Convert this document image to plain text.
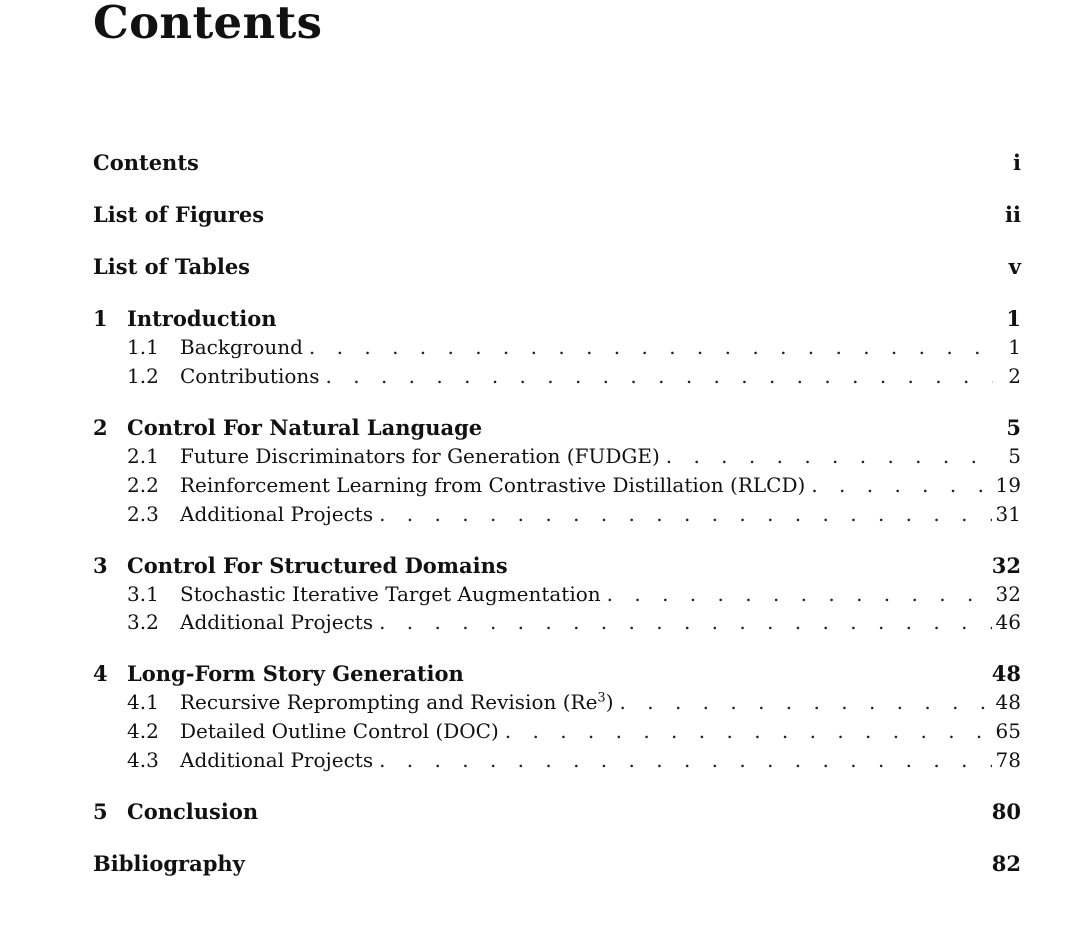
Contents
Contents	i
List of Figures	ii
List of Tables	v
1 Introduction	1
1.1	Background . . .	1
1.2	Contributions . . .	2
2 Control For Natural Language	5
2.1	Future Discriminators for Generation (FUDGE) . . .	5
2.2	Reinforcement Learning from Contrastive Distillation (RLCD) . . .	19
2.3	Additional Projects . . .	31
3 Control For Structured Domains	32
3.1	Stochastic Iterative Target Augmentation . . .	32
3.2	Additional Projects . . .	46
4 Long-Form Story Generation	48
4.1	Recursive Reprompting and Revision (Re$^3$) . . .	48
4.2	Detailed Outline Control (DOC) . . .	65
4.3	Additional Projects . . .	78
5 Conclusion	80
Bibliography	82
